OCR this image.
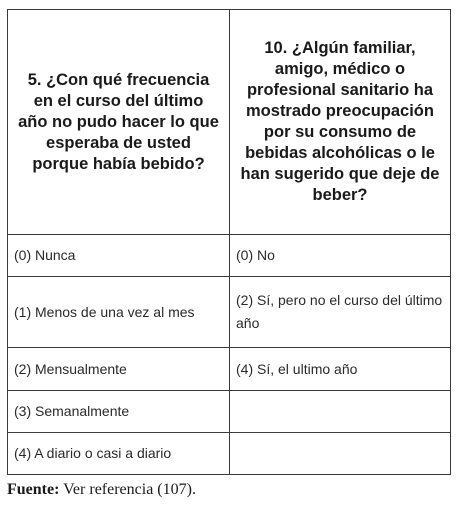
5. ¿Con qué frecuencia en el curso del último año no pudo hacer lo que esperaba de usted porque había bebido?	10. ¿Algún familiar, amigo, médico o profesional sanitario ha mostrado preocupación por su consumo de bebidas alcohólicas o le han sugerido que deje de beber?

(0) Nunca	(0) No
(1) Menos de una vez al mes	(2) Sí, pero no el curso del último año
(2) Mensualmente	(4) Sí, el ultimo año
(3) Semanalmente	
(4) A diario o casi a diario	
Fuente: Ver referencia (107).
